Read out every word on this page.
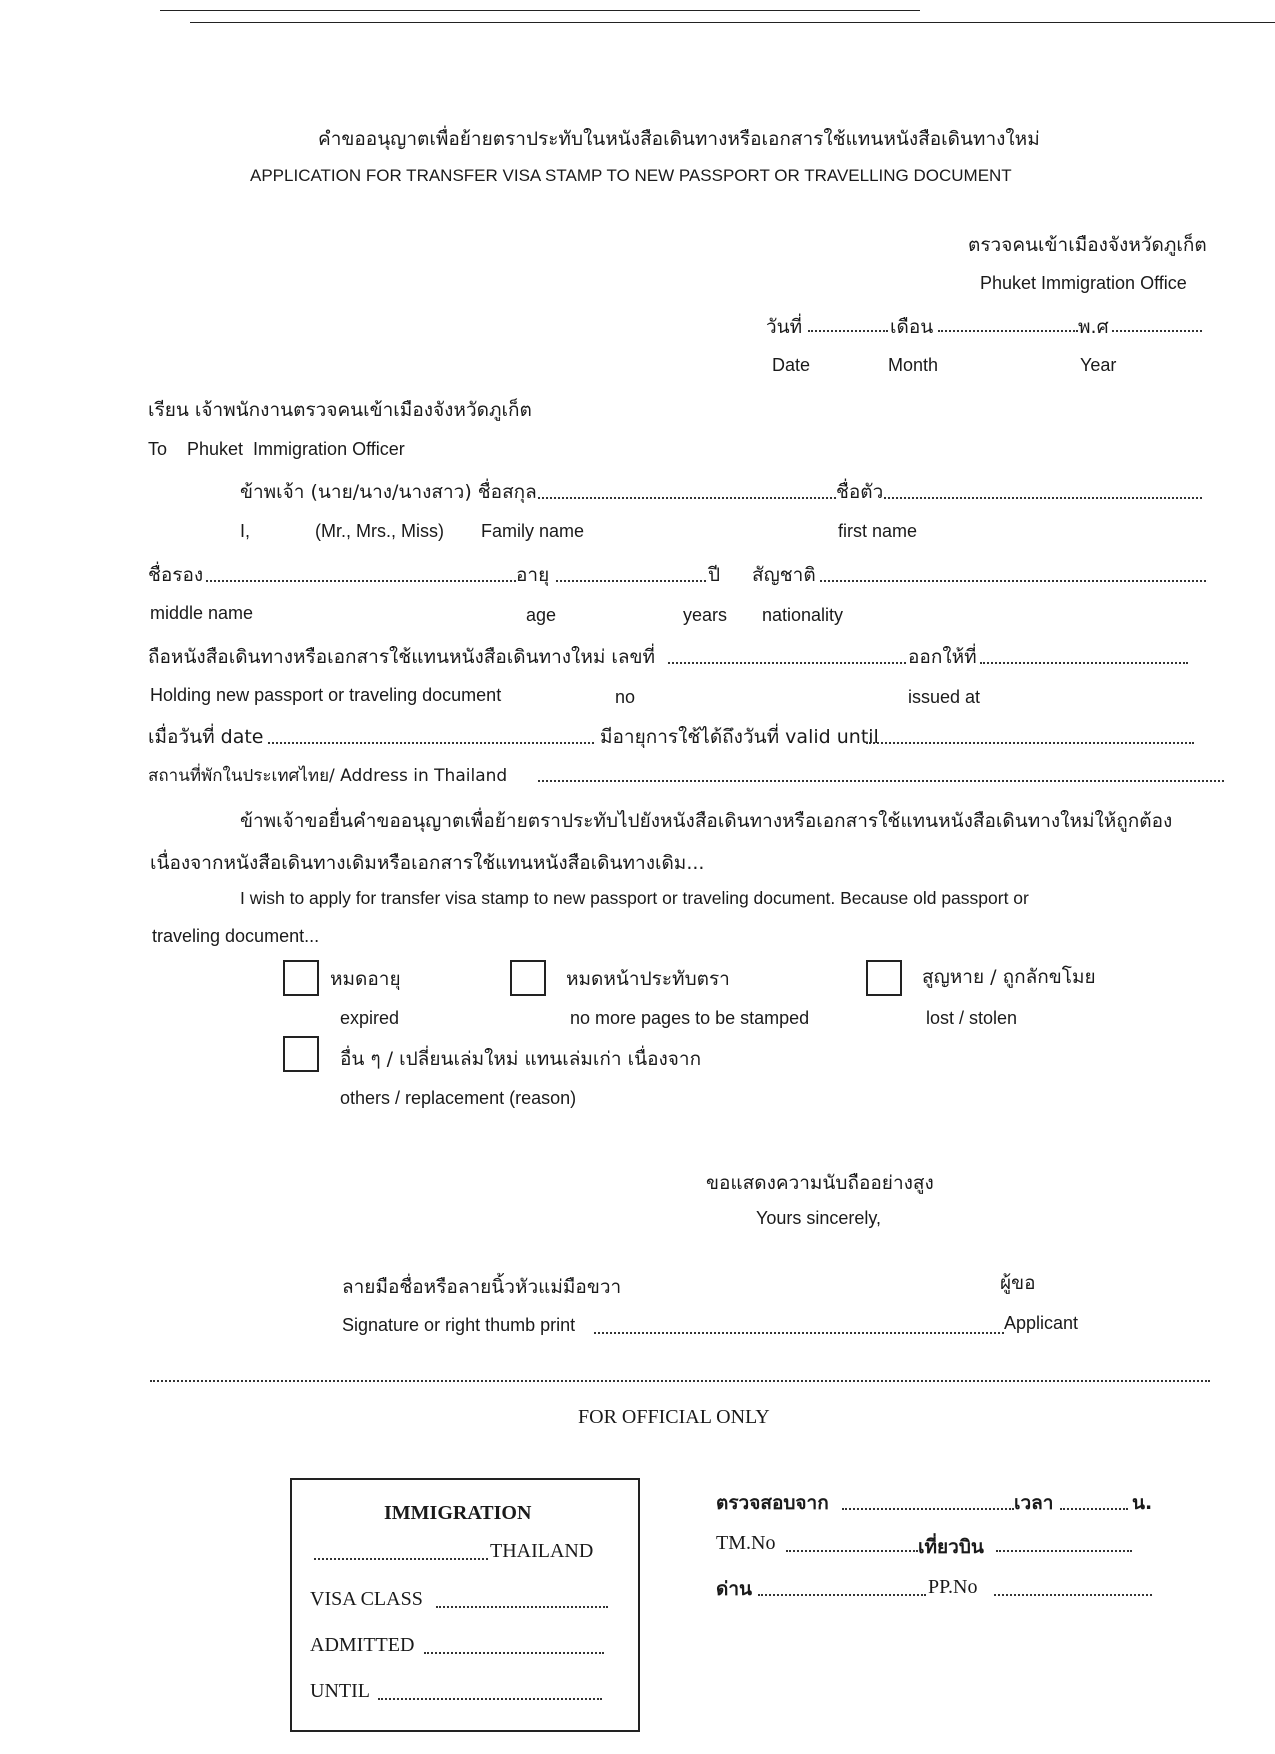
คำขออนุญาตเพื่อย้ายตราประทับในหนังสือเดินทางหรือเอกสารใช้แทนหนังสือเดินทางใหม่
APPLICATION FOR TRANSFER VISA STAMP TO NEW PASSPORT OR TRAVELLING DOCUMENT
ตรวจคนเข้าเมืองจังหวัดภูเก็ต
Phuket Immigration Office
วันที่	เดือน	พ.ศ
Date	Month	Year
เรียน เจ้าพนักงานตรวจคนเข้าเมืองจังหวัดภูเก็ต
To    Phuket  Immigration Officer
ข้าพเจ้า (นาย/นาง/นางสาว) ชื่อสกุล	ชื่อตัว
I,	(Mr., Mrs., Miss) Family name	first name
ชื่อรอง	อายุ	ปี สัญชาติ
middle name	age	years nationality
ถือหนังสือเดินทางหรือเอกสารใช้แทนหนังสือเดินทางใหม่ เลขที่	ออกให้ที่
Holding new passport or traveling document	no	issued at
เมื่อวันที่ date	มีอายุการใช้ได้ถึงวันที่ valid until
สถานที่พักในประเทศไทย/ Address in Thailand
ข้าพเจ้าขอยื่นคำขออนุญาตเพื่อย้ายตราประทับไปยังหนังสือเดินทางหรือเอกสารใช้แทนหนังสือเดินทางใหม่ให้ถูกต้อง
เนื่องจากหนังสือเดินทางเดิมหรือเอกสารใช้แทนหนังสือเดินทางเดิม...
I wish to apply for transfer visa stamp to new passport or traveling document. Because old passport or
traveling document...
หมดอายุ
expired
หมดหน้าประทับตรา
no more pages to be stamped
สูญหาย / ถูกลักขโมย
lost / stolen
อื่น ๆ / เปลี่ยนเล่มใหม่ แทนเล่มเก่า เนื่องจาก
others / replacement (reason)
ขอแสดงความนับถืออย่างสูง
Yours sincerely,
ลายมือชื่อหรือลายนิ้วหัวแม่มือขวา	ผู้ขอ
Signature or right thumb print	Applicant
FOR OFFICIAL ONLY
IMMIGRATION
THAILAND
VISA CLASS
ADMITTED
UNTIL
ตรวจสอบจาก	เวลา	น.
TM.No	เที่ยวบิน
ด่าน	PP.No
